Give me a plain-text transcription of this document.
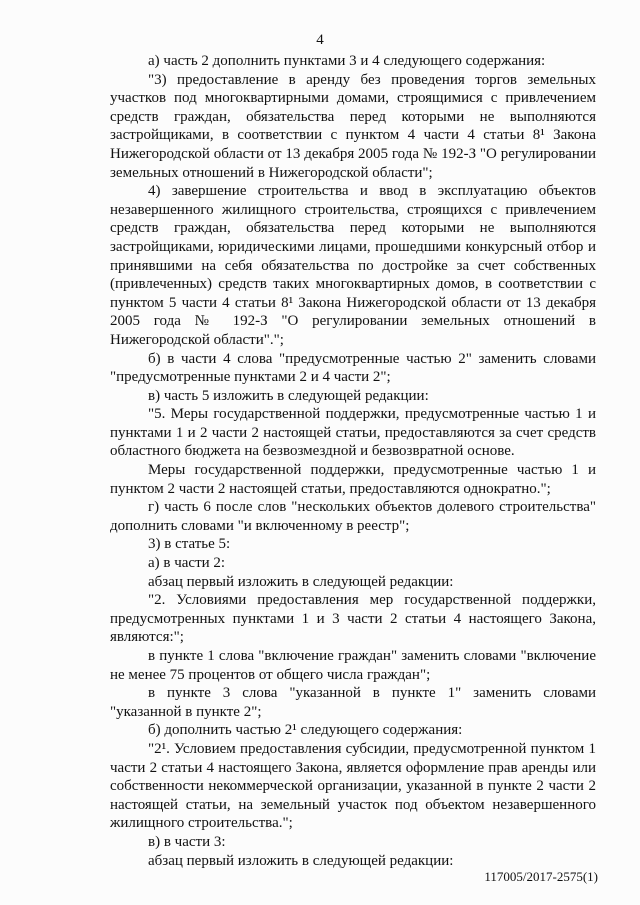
4

а) часть 2 дополнить пунктами 3 и 4 следующего содержания:

"3) предоставление в аренду без проведения торгов земельных участков под многоквартирными домами, строящимися с привлечением средств граждан, обязательства перед которыми не выполняются застройщиками, в соответствии с пунктом 4 части 4 статьи 8¹ Закона Нижегородской области от 13 декабря 2005 года № 192-З "О регулировании земельных отношений в Нижегородской области";

4) завершение строительства и ввод в эксплуатацию объектов незавершенного жилищного строительства, строящихся с привлечением средств граждан, обязательства перед которыми не выполняются застройщиками, юридическими лицами, прошедшими конкурсный отбор и принявшими на себя обязательства по достройке за счет собственных (привлеченных) средств таких многоквартирных домов, в соответствии с пунктом 5 части 4 статьи 8¹ Закона Нижегородской области от 13 декабря 2005 года № 192-З "О регулировании земельных отношений в Нижегородской области".";

б) в части 4 слова "предусмотренные частью 2" заменить словами "предусмотренные пунктами 2 и 4 части 2";

в) часть 5 изложить в следующей редакции:

"5. Меры государственной поддержки, предусмотренные частью 1 и пунктами 1 и 2 части 2 настоящей статьи, предоставляются за счет средств областного бюджета на безвозмездной и безвозвратной основе.

Меры государственной поддержки, предусмотренные частью 1 и пунктом 2 части 2 настоящей статьи, предоставляются однократно.";

г) часть 6 после слов "нескольких объектов долевого строительства" дополнить словами "и включенному в реестр";

3) в статье 5:

а) в части 2:

абзац первый изложить в следующей редакции:

"2. Условиями предоставления мер государственной поддержки, предусмотренных пунктами 1 и 3 части 2 статьи 4 настоящего Закона, являются:";

в пункте 1 слова "включение граждан" заменить словами "включение не менее 75 процентов от общего числа граждан";

в пункте 3 слова "указанной в пункте 1" заменить словами "указанной в пункте 2";

б) дополнить частью 2¹ следующего содержания:

"2¹. Условием предоставления субсидии, предусмотренной пунктом 1 части 2 статьи 4 настоящего Закона, является оформление прав аренды или собственности некоммерческой организации, указанной в пункте 2 части 2 настоящей статьи, на земельный участок под объектом незавершенного жилищного строительства.";

в) в части 3:

абзац первый изложить в следующей редакции:

117005/2017-2575(1)
